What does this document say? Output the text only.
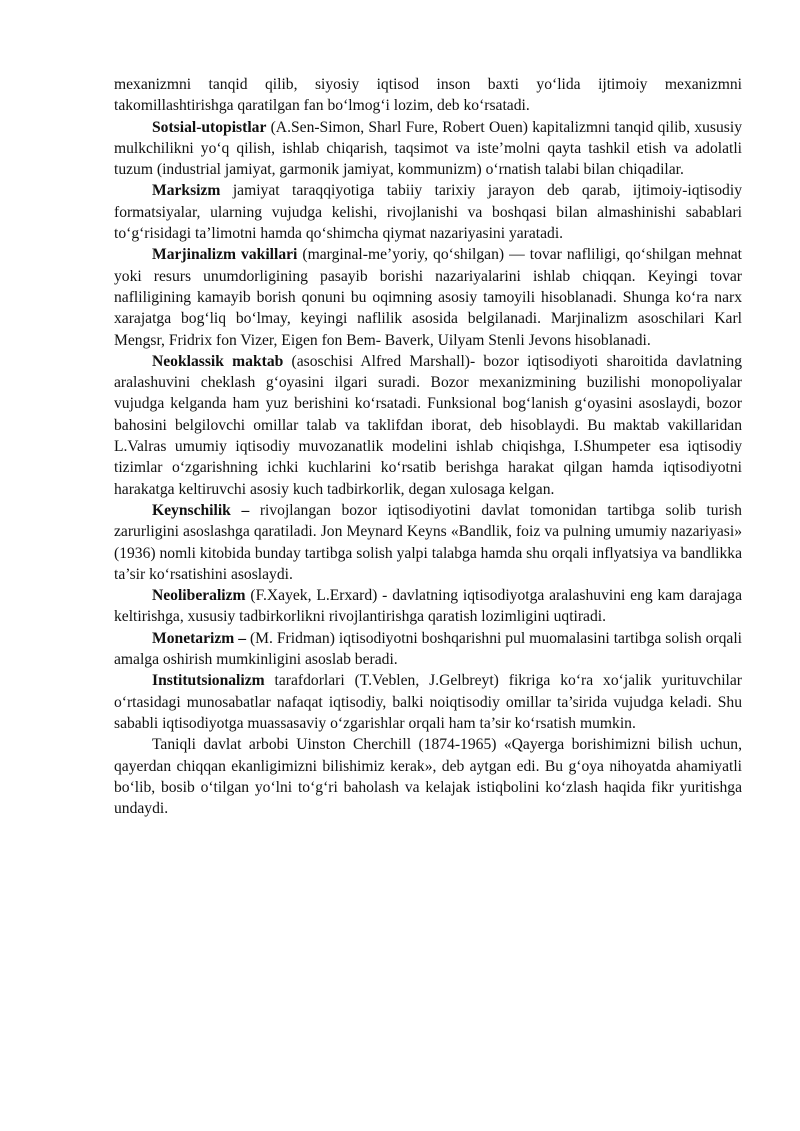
mexanizmni tanqid qilib, siyosiy iqtisod inson baxti yo‘lida ijtimoiy mexanizmni takomillashtirishga qaratilgan fan bo‘lmog‘i lozim, deb ko‘rsatadi.

Sotsial-utopistlar (A.Sen-Simon, Sharl Fure, Robert Ouen) kapitalizmni tanqid qilib, xususiy mulkchilikni yo‘q qilish, ishlab chiqarish, taqsimot va iste’molni qayta tashkil etish va adolatli tuzum (industrial jamiyat, garmonik jamiyat, kommunizm) o‘rnatish talabi bilan chiqadilar.

Marksizm jamiyat taraqqiyotiga tabiiy tarixiy jarayon deb qarab, ijtimoiy-iqtisodiy formatsiyalar, ularning vujudga kelishi, rivojlanishi va boshqasi bilan almashinishi sabablari to‘g‘risidagi ta’limotni hamda qo‘shimcha qiymat nazariyasini yaratadi.

Marjinalizm vakillari (marginal-me’yoriy, qo‘shilgan) — tovar nafliligi, qo‘shilgan mehnat yoki resurs unumdorligining pasayib borishi nazariyalarini ishlab chiqqan. Keyingi tovar nafliligining kamayib borish qonuni bu oqimning asosiy tamoyili hisoblanadi. Shunga ko‘ra narx xarajatga bog‘liq bo‘lmay, keyingi naflilik asosida belgilanadi. Marjinalizm asoschilari Karl Mengsr, Fridrix fon Vizer, Eigen fon Bem- Baverk, Uilyam Stenli Jevons hisoblanadi.

Neoklassik maktab (asoschisi Alfred Marshall)- bozor iqtisodiyoti sharoitida davlatning aralashuvini cheklash g‘oyasini ilgari suradi. Bozor mexanizmining buzilishi monopoliyalar vujudga kelganda ham yuz berishini ko‘rsatadi. Funksional bog‘lanish g‘oyasini asoslaydi, bozor bahosini belgilovchi omillar talab va taklifdan iborat, deb hisoblaydi. Bu maktab vakillaridan L.Valras umumiy iqtisodiy muvozanatlik modelini ishlab chiqishga, I.Shumpeter esa iqtisodiy tizimlar o‘zgarishning ichki kuchlarini ko‘rsatib berishga harakat qilgan hamda iqtisodiyotni harakatga keltiruvchi asosiy kuch tadbirkorlik, degan xulosaga kelgan.

Keynschilik – rivojlangan bozor iqtisodiyotini davlat tomonidan tartibga solib turish zarurligini asoslashga qaratiladi. Jon Meynard Keyns «Bandlik, foiz va pulning umumiy nazariyasi» (1936) nomli kitobida bunday tartibga solish yalpi talabga hamda shu orqali inflyatsiya va bandlikka ta’sir ko‘rsatishini asoslaydi.

Neoliberalizm (F.Xayek, L.Erxard) - davlatning iqtisodiyotga aralashuvini eng kam darajaga keltirishga, xususiy tadbirkorlikni rivojlantirishga qaratish lozimligini uqtiradi.

Monetarizm – (M. Fridman) iqtisodiyotni boshqarishni pul muomalasini tartibga solish orqali amalga oshirish mumkinligini asoslab beradi.

Institutsionalizm tarafdorlari (T.Veblen, J.Gelbreyt) fikriga ko‘ra xo‘jalik yurituvchilar o‘rtasidagi munosabatlar nafaqat iqtisodiy, balki noiqtisodiy omillar ta’sirida vujudga keladi. Shu sababli iqtisodiyotga muassasaviy o‘zgarishlar orqali ham ta’sir ko‘rsatish mumkin.

Taniqli davlat arbobi Uinston Cherchill (1874-1965) «Qayerga borishimizni bilish uchun, qayerdan chiqqan ekanligimizni bilishimiz kerak», deb aytgan edi. Bu g‘oya nihoyatda ahamiyatli bo‘lib, bosib o‘tilgan yo‘lni to‘g‘ri baholash va kelajak istiqbolini ko‘zlash haqida fikr yuritishga undaydi.
